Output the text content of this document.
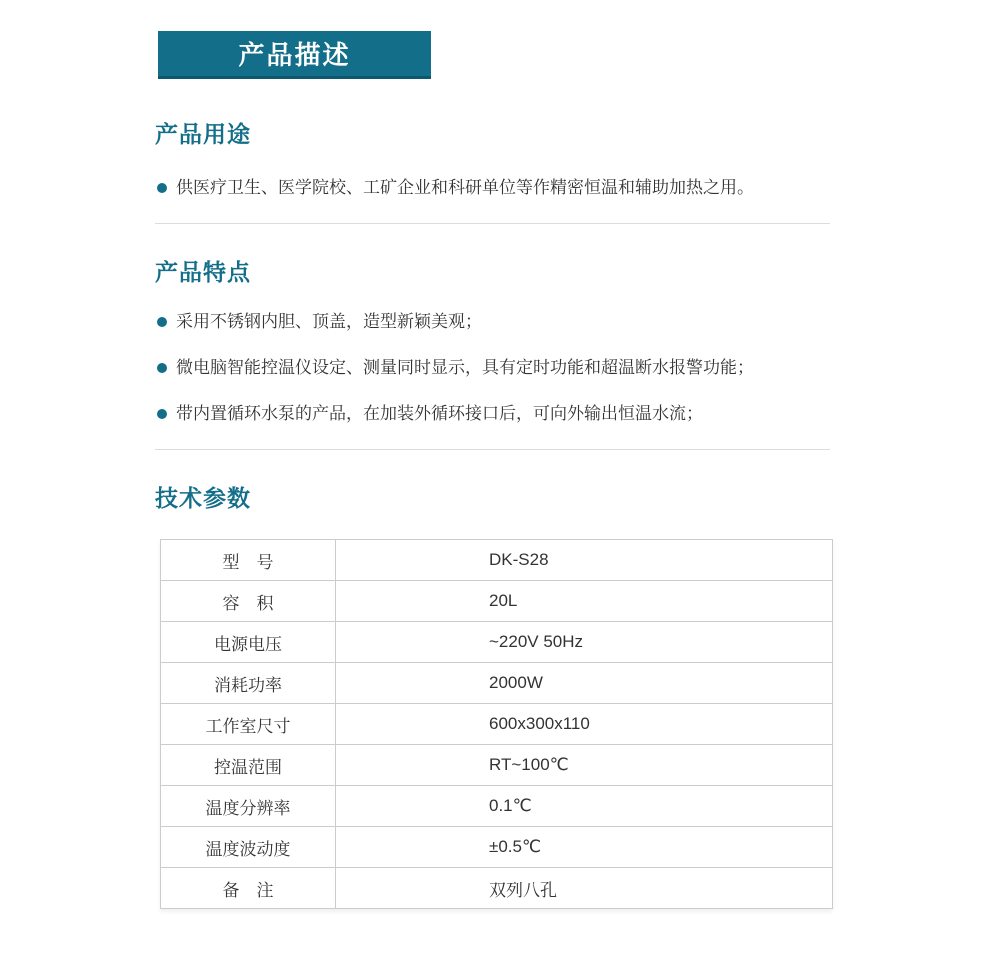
产品描述
产品用途
供医疗卫生、医学院校、工矿企业和科研单位等作精密恒温和辅助加热之用。
产品特点
采用不锈钢内胆、顶盖，造型新颖美观；
微电脑智能控温仪设定、测量同时显示，具有定时功能和超温断水报警功能；
带内置循环水泵的产品，在加装外循环接口后，可向外输出恒温水流；
技术参数
型　号	DK-S28
容　积	20L
电源电压	~220V 50Hz
消耗功率	2000W
工作室尺寸	600x300x110
控温范围	RT~100℃
温度分辨率	0.1℃
温度波动度	±0.5℃
备　注	双列八孔
